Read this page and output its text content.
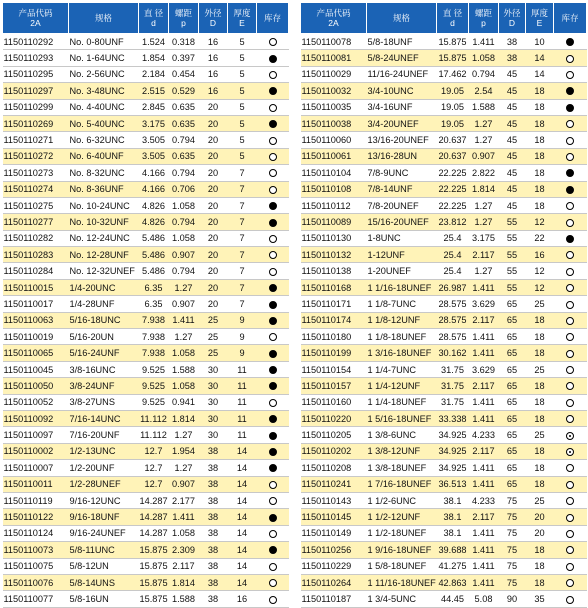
产品代码
2A	规格	直 径
d	螺距
p	外径
D	厚度
E	库存
1150110292	No. 0-80UNF	1.524	0.318	16	5	
1150110293	No. 1-64UNC	1.854	0.397	16	5	
1150110295	No. 2-56UNC	2.184	0.454	16	5	
1150110297	No. 3-48UNC	2.515	0.529	16	5	
1150110299	No. 4-40UNC	2.845	0.635	20	5	
1150110269	No. 5-40UNC	3.175	0.635	20	5	
1150110271	No. 6-32UNC	3.505	0.794	20	5	
1150110272	No. 6-40UNF	3.505	0.635	20	5	
1150110273	No. 8-32UNC	4.166	0.794	20	7	
1150110274	No. 8-36UNF	4.166	0.706	20	7	
1150110275	No. 10-24UNC	4.826	1.058	20	7	
1150110277	No. 10-32UNF	4.826	0.794	20	7	
1150110282	No. 12-24UNC	5.486	1.058	20	7	
1150110283	No. 12-28UNF	5.486	0.907	20	7	
1150110284	No. 12-32UNEF	5.486	0.794	20	7	
1150110015	1/4-20UNC	6.35	1.27	20	7	
1150110017	1/4-28UNF	6.35	0.907	20	7	
1150110063	5/16-18UNC	7.938	1.411	25	9	
1150110019	5/16-20UN	7.938	1.27	25	9	
1150110065	5/16-24UNF	7.938	1.058	25	9	
1150110045	3/8-16UNC	9.525	1.588	30	11	
1150110050	3/8-24UNF	9.525	1.058	30	11	
1150110052	3/8-27UNS	9.525	0.941	30	11	
1150110092	7/16-14UNC	11.112	1.814	30	11	
1150110097	7/16-20UNF	11.112	1.27	30	11	
1150110002	1/2-13UNC	12.7	1.954	38	14	
1150110007	1/2-20UNF	12.7	1.27	38	14	
1150110011	1/2-28UNEF	12.7	0.907	38	14	
1150110119	9/16-12UNC	14.287	2.177	38	14	
1150110122	9/16-18UNF	14.287	1.411	38	14	
1150110124	9/16-24UNEF	14.287	1.058	38	14	
1150110073	5/8-11UNC	15.875	2.309	38	14	
1150110075	5/8-12UN	15.875	2.117	38	14	
1150110076	5/8-14UNS	15.875	1.814	38	14	
1150110077	5/8-16UN	15.875	1.588	38	16	
产品代码
2A	规格	直 径
d	螺距
p	外径
D	厚度
E	库存
1150110078	5/8-18UNF	15.875	1.411	38	10	
1150110081	5/8-24UNEF	15.875	1.058	38	14	
1150110029	11/16-24UNEF	17.462	0.794	45	14	
1150110032	3/4-10UNC	19.05	2.54	45	18	
1150110035	3/4-16UNF	19.05	1.588	45	18	
1150110038	3/4-20UNEF	19.05	1.27	45	18	
1150110060	13/16-20UNEF	20.637	1.27	45	18	
1150110061	13/16-28UN	20.637	0.907	45	18	
1150110104	7/8-9UNC	22.225	2.822	45	18	
1150110108	7/8-14UNF	22.225	1.814	45	18	
1150110112	7/8-20UNEF	22.225	1.27	45	18	
1150110089	15/16-20UNEF	23.812	1.27	55	12	
1150110130	1-8UNC	25.4	3.175	55	22	
1150110132	1-12UNF	25.4	2.117	55	16	
1150110138	1-20UNEF	25.4	1.27	55	12	
1150110168	1 1/16-18UNEF	26.987	1.411	55	12	
1150110171	1 1/8-7UNC	28.575	3.629	65	25	
1150110174	1 1/8-12UNF	28.575	2.117	65	18	
1150110180	1 1/8-18UNEF	28.575	1.411	65	18	
1150110199	1 3/16-18UNEF	30.162	1.411	65	18	
1150110154	1 1/4-7UNC	31.75	3.629	65	25	
1150110157	1 1/4-12UNF	31.75	2.117	65	18	
1150110160	1 1/4-18UNEF	31.75	1.411	65	18	
1150110220	1 5/16-18UNEF	33.338	1.411	65	18	
1150110205	1 3/8-6UNC	34.925	4.233	65	25	
1150110202	1 3/8-12UNF	34.925	2.117	65	18	
1150110208	1 3/8-18UNEF	34.925	1.411	65	18	
1150110241	1 7/16-18UNEF	36.513	1.411	65	18	
1150110143	1 1/2-6UNC	38.1	4.233	75	25	
1150110145	1 1/2-12UNF	38.1	2.117	75	20	
1150110149	1 1/2-18UNEF	38.1	1.411	75	20	
1150110256	1 9/16-18UNEF	39.688	1.411	75	18	
1150110229	1 5/8-18UNEF	41.275	1.411	75	18	
1150110264	1 11/16-18UNEF	42.863	1.411	75	18	
1150110187	1 3/4-5UNC	44.45	5.08	90	35	
